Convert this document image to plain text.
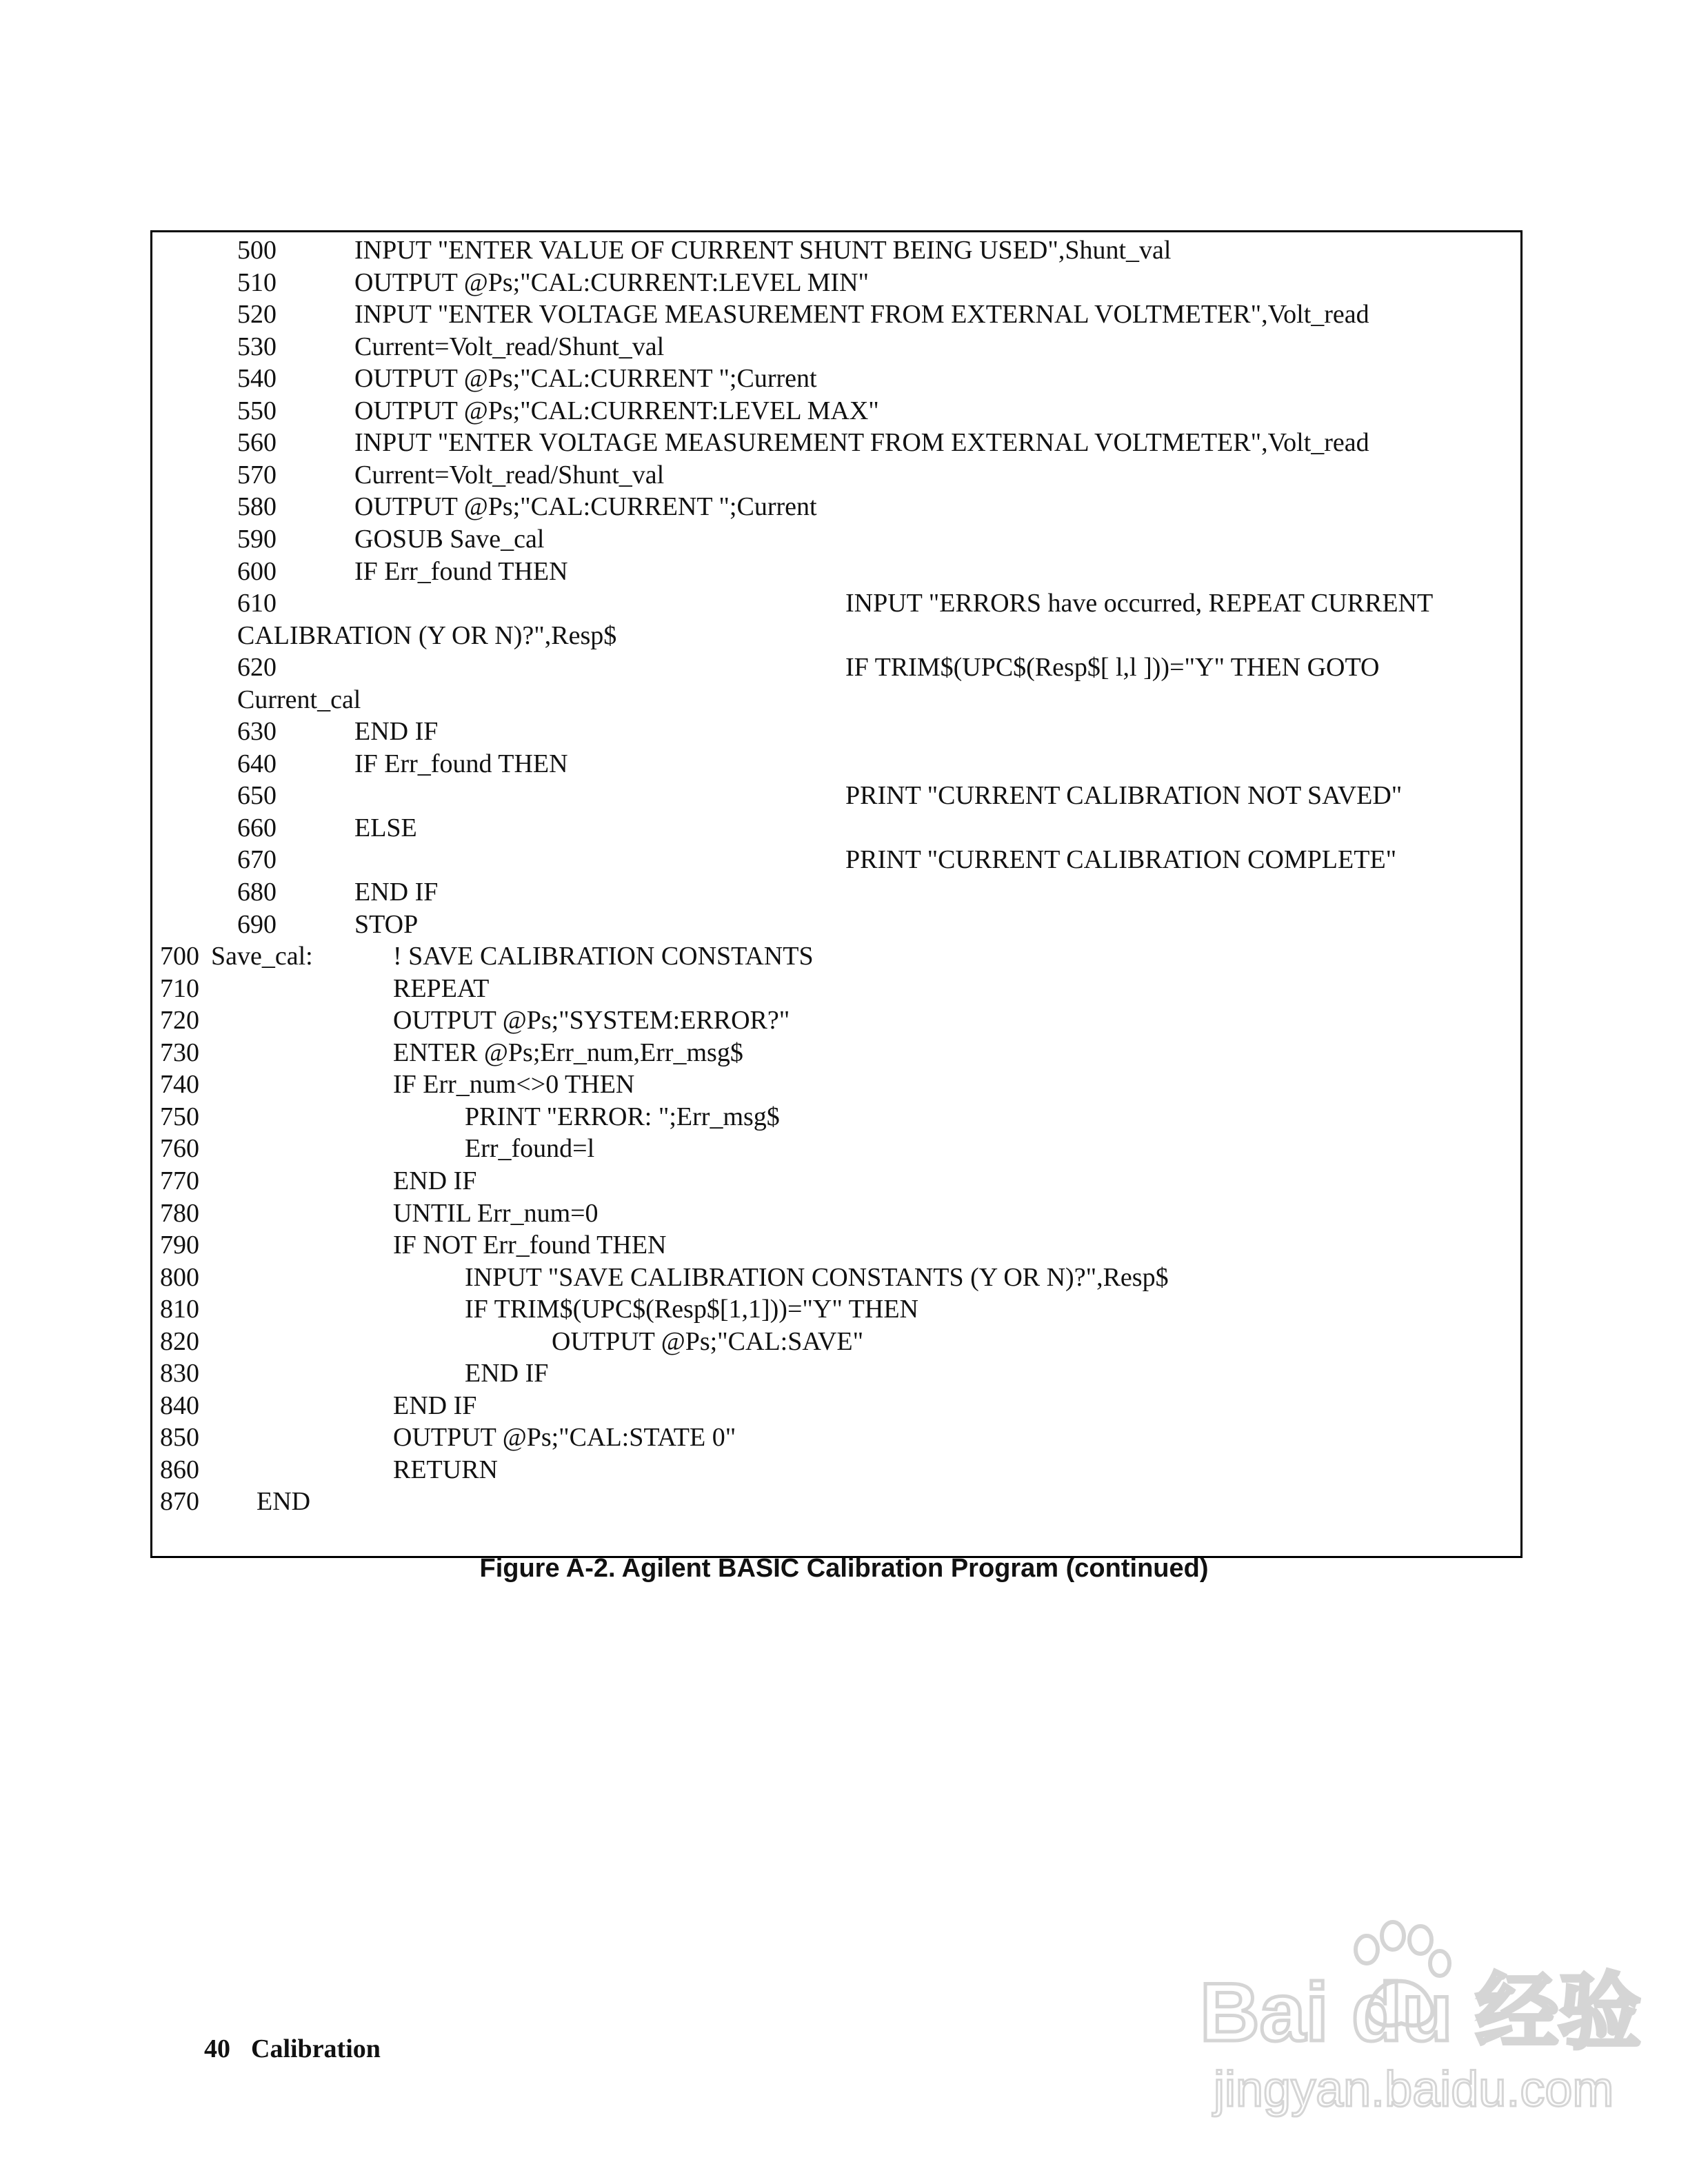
500	INPUT "ENTER VALUE OF CURRENT SHUNT BEING USED",Shunt_val
510	OUTPUT @Ps;"CAL:CURRENT:LEVEL MIN"
520	INPUT "ENTER VOLTAGE MEASUREMENT FROM EXTERNAL VOLTMETER",Volt_read
530	Current=Volt_read/Shunt_val
540	OUTPUT @Ps;"CAL:CURRENT ";Current
550	OUTPUT @Ps;"CAL:CURRENT:LEVEL MAX"
560	INPUT "ENTER VOLTAGE MEASUREMENT FROM EXTERNAL VOLTMETER",Volt_read
570	Current=Volt_read/Shunt_val
580	OUTPUT @Ps;"CAL:CURRENT ";Current
590	GOSUB Save_cal
600	IF Err_found THEN
610	INPUT "ERRORS have occurred, REPEAT CURRENT
CALIBRATION (Y OR N)?",Resp$
620	IF TRIM$(UPC$(Resp$[ l,l ]))="Y" THEN GOTO
Current_cal
630	END IF
640	IF Err_found THEN
650	PRINT "CURRENT CALIBRATION NOT SAVED"
660	ELSE
670	PRINT "CURRENT CALIBRATION COMPLETE"
680	END IF
690	STOP
700 Save_cal:	! SAVE CALIBRATION CONSTANTS
710	REPEAT
720	OUTPUT @Ps;"SYSTEM:ERROR?"
730	ENTER @Ps;Err_num,Err_msg$
740	IF Err_num<>0 THEN
750	PRINT "ERROR: ";Err_msg$
760	Err_found=l
770	END IF
780	UNTIL Err_num=0
790	IF NOT Err_found THEN
800	INPUT "SAVE CALIBRATION CONSTANTS (Y OR N)?",Resp$
810	IF TRIM$(UPC$(Resp$[1,1]))="Y" THEN
820	OUTPUT @Ps;"CAL:SAVE"
830	END IF
840	END IF
850	OUTPUT @Ps;"CAL:STATE 0"
860	RETURN
870 END
Figure A-2. Agilent BASIC Calibration Program (continued)
40 Calibration	Bai du 经验
jingyan.baidu.com
